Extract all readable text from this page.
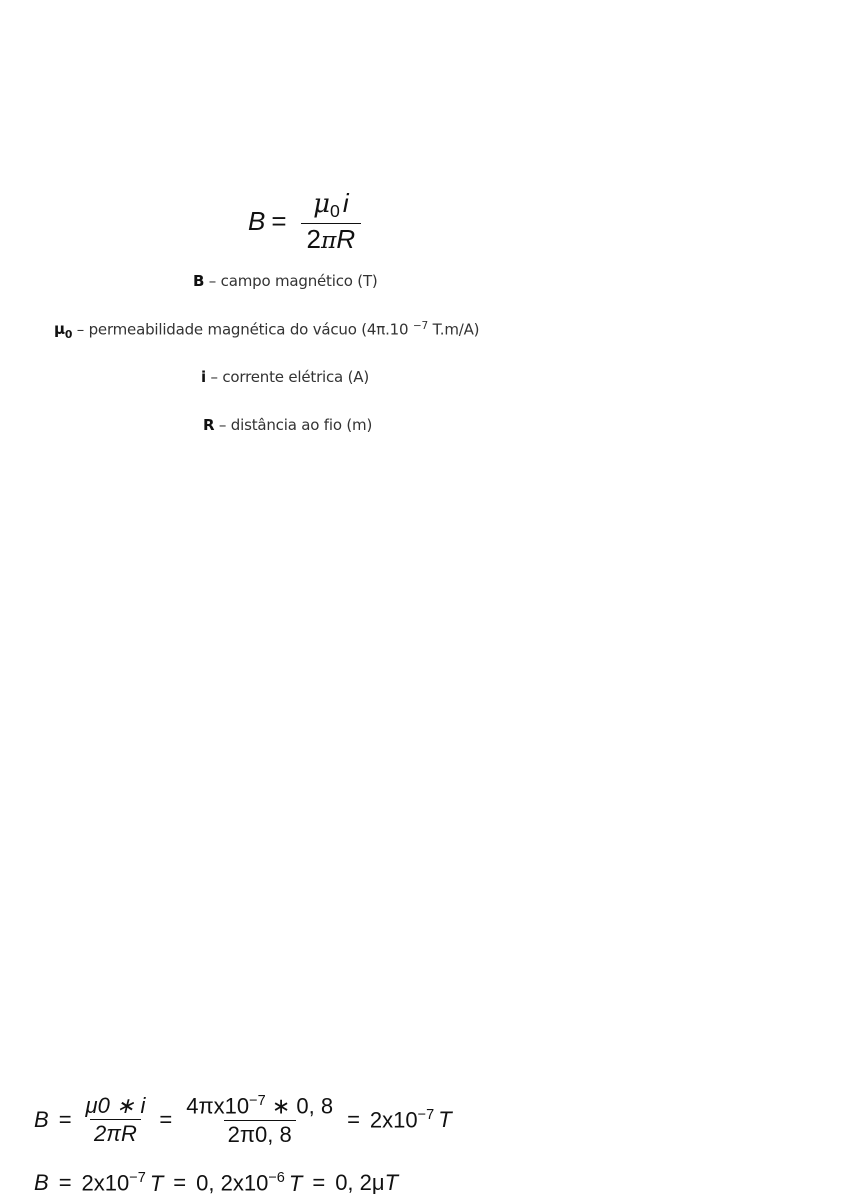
$B = \frac{\mu_0 i}{2\pi R}$
B – campo magnético (T)
$\mu_0$ – permeabilidade magnética do vácuo (4π.10 $^{-7}$ T.m/A)
i – corrente elétrica (A)
R – distância ao fio (m)
$B = \frac{\mu 0 ∗ i}{2\pi R} = \frac{4\pi x10^{-7} ∗ 0, 8}{2\pi 0, 8} = 2x10^{-7}$ T
$B = 2x10^{-7}$ T = 0, $2x10^{-6}$ T = 0, 2μT
